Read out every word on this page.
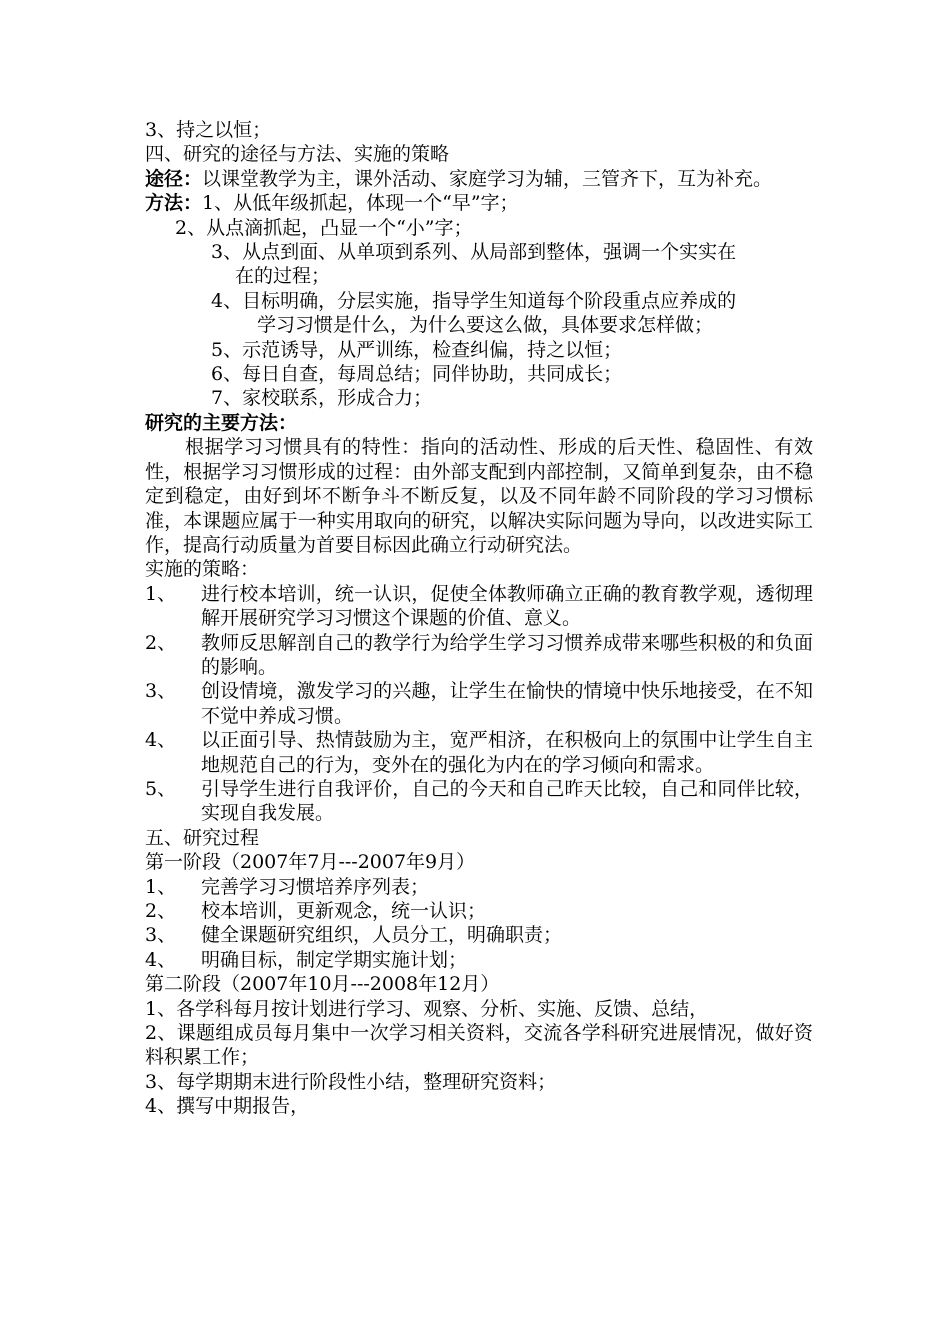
3、持之以恒；

四、研究的途径与方法、实施的策略

途径：以课堂教学为主，课外活动、家庭学习为辅，三管齐下，互为补充。

方法：1、从低年级抓起，体现一个“早”字；

2、从点滴抓起，凸显一个“小”字；

3、从点到面、从单项到系列、从局部到整体，强调一个实实在

在的过程；

4、目标明确，分层实施，指导学生知道每个阶段重点应养成的

学习习惯是什么，为什么要这么做，具体要求怎样做；

5、示范诱导，从严训练，检查纠偏，持之以恒；

6、每日自查，每周总结；同伴协助，共同成长；

7、家校联系，形成合力；

研究的主要方法：

根据学习习惯具有的特性：指向的活动性、形成的后天性、稳固性、有效性，根据学习习惯形成的过程：由外部支配到内部控制，又简单到复杂，由不稳定到稳定，由好到坏不断争斗不断反复，以及不同年龄不同阶段的学习习惯标准，本课题应属于一种实用取向的研究，以解决实际问题为导向，以改进实际工作，提高行动质量为首要目标因此确立行动研究法。

实施的策略：

1、	进行校本培训，统一认识，促使全体教师确立正确的教育教学观，透彻理解开展研究学习习惯这个课题的价值、意义。
2、	教师反思解剖自己的教学行为给学生学习习惯养成带来哪些积极的和负面的影响。
3、	创设情境，激发学习的兴趣，让学生在愉快的情境中快乐地接受，在不知不觉中养成习惯。
4、	以正面引导、热情鼓励为主，宽严相济，在积极向上的氛围中让学生自主地规范自己的行为，变外在的强化为内在的学习倾向和需求。
5、	引导学生进行自我评价，自己的今天和自己昨天比较，自己和同伴比较，实现自我发展。

五、研究过程

第一阶段（2007年7月---2007年9月）

1、 完善学习习惯培养序列表；

2、 校本培训，更新观念，统一认识；

3、 健全课题研究组织，人员分工，明确职责；

4、 明确目标，制定学期实施计划；

第二阶段（2007年10月---2008年12月）

1、各学科每月按计划进行学习、观察、分析、实施、反馈、总结，

2、课题组成员每月集中一次学习相关资料，交流各学科研究进展情况，做好资料积累工作；

3、每学期期末进行阶段性小结，整理研究资料；

4、撰写中期报告，
